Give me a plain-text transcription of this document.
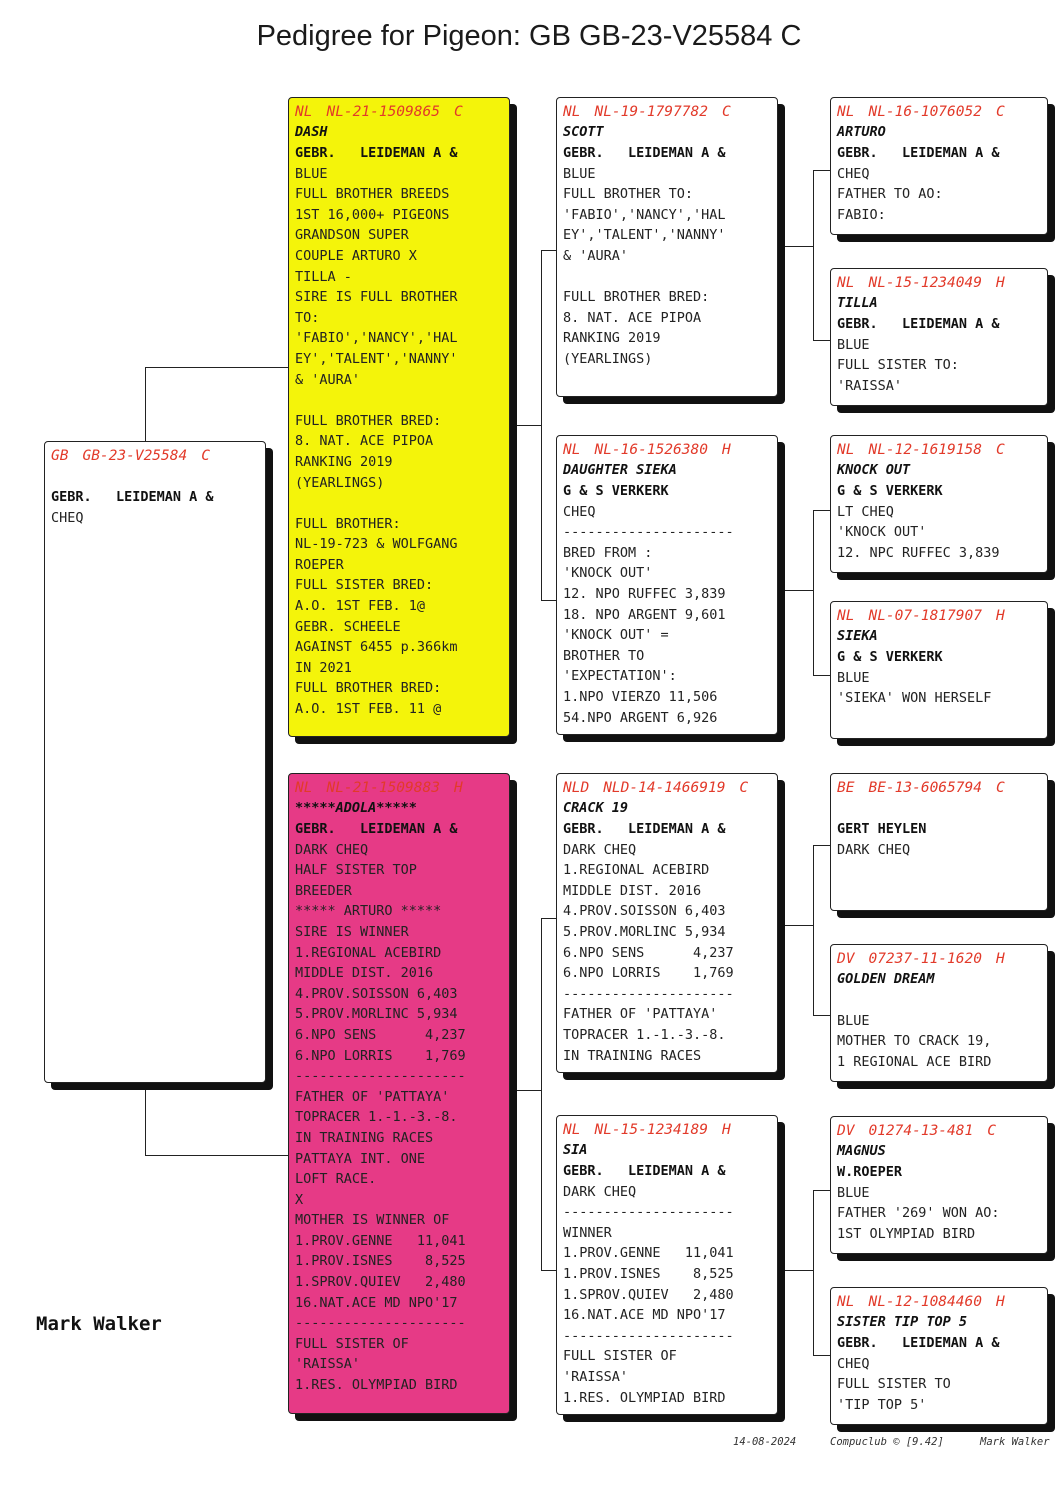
Pedigree for Pigeon: GB GB-23-V25584 C
GB GB-23-V25584 C

GEBR.   LEIDEMAN A &
CHEQ
NL NL-21-1509865 C
DASH
GEBR.   LEIDEMAN A &
BLUE
FULL BROTHER BREEDS
1ST 16,000+ PIGEONS
GRANDSON SUPER
COUPLE ARTURO X
TILLA -
SIRE IS FULL BROTHER
TO:
'FABIO','NANCY','HAL
EY','TALENT','NANNY'
& 'AURA'

FULL BROTHER BRED:
8. NAT. ACE PIPOA
RANKING 2019
(YEARLINGS)

FULL BROTHER:
NL-19-723 & WOLFGANG
ROEPER
FULL SISTER BRED:
A.O. 1ST FEB. 1@
GEBR. SCHEELE
AGAINST 6455 p.366km
IN 2021
FULL BROTHER BRED:
A.O. 1ST FEB. 11 @
NL NL-21-1509883 H
*****ADOLA*****
GEBR.   LEIDEMAN A &
DARK CHEQ
HALF SISTER TOP
BREEDER
***** ARTURO *****
SIRE IS WINNER
1.REGIONAL ACEBIRD
MIDDLE DIST. 2016
4.PROV.SOISSON 6,403
5.PROV.MORLINC 5,934
6.NPO SENS      4,237
6.NPO LORRIS    1,769
---------------------
FATHER OF 'PATTAYA'
TOPRACER 1.-1.-3.-8.
IN TRAINING RACES
PATTAYA INT. ONE
LOFT RACE.
X
MOTHER IS WINNER OF
1.PROV.GENNE   11,041
1.PROV.ISNES    8,525
1.SPROV.QUIEV   2,480
16.NAT.ACE MD NPO'17
---------------------
FULL SISTER OF
'RAISSA'
1.RES. OLYMPIAD BIRD
NL NL-19-1797782 C
SCOTT
GEBR.   LEIDEMAN A &
BLUE
FULL BROTHER TO:
'FABIO','NANCY','HAL
EY','TALENT','NANNY'
& 'AURA'

FULL BROTHER BRED:
8. NAT. ACE PIPOA
RANKING 2019
(YEARLINGS)
NL NL-16-1526380 H
DAUGHTER SIEKA
G & S VERKERK
CHEQ
---------------------
BRED FROM :
'KNOCK OUT'
12. NPO RUFFEC 3,839
18. NPO ARGENT 9,601
'KNOCK OUT' =
BROTHER TO
'EXPECTATION':
1.NPO VIERZO 11,506
54.NPO ARGENT 6,926
NLD NLD-14-1466919 C
CRACK 19
GEBR.   LEIDEMAN A &
DARK CHEQ
1.REGIONAL ACEBIRD
MIDDLE DIST. 2016
4.PROV.SOISSON 6,403
5.PROV.MORLINC 5,934
6.NPO SENS      4,237
6.NPO LORRIS    1,769
---------------------
FATHER OF 'PATTAYA'
TOPRACER 1.-1.-3.-8.
IN TRAINING RACES
NL NL-15-1234189 H
SIA
GEBR.   LEIDEMAN A &
DARK CHEQ
---------------------
WINNER
1.PROV.GENNE   11,041
1.PROV.ISNES    8,525
1.SPROV.QUIEV   2,480
16.NAT.ACE MD NPO'17
---------------------
FULL SISTER OF
'RAISSA'
1.RES. OLYMPIAD BIRD
NL NL-16-1076052 C
ARTURO
GEBR.   LEIDEMAN A &
CHEQ
FATHER TO AO:
FABIO:
NL NL-15-1234049 H
TILLA
GEBR.   LEIDEMAN A &
BLUE
FULL SISTER TO:
'RAISSA'
NL NL-12-1619158 C
KNOCK OUT
G & S VERKERK
LT CHEQ
'KNOCK OUT'
12. NPC RUFFEC 3,839
NL NL-07-1817907 H
SIEKA
G & S VERKERK
BLUE
'SIEKA' WON HERSELF
BE BE-13-6065794 C

GERT HEYLEN
DARK CHEQ
DV 07237-11-1620 H
GOLDEN DREAM

BLUE
MOTHER TO CRACK 19,
1 REGIONAL ACE BIRD
DV 01274-13-481 C
MAGNUS
W.ROEPER
BLUE
FATHER '269' WON AO:
1ST OLYMPIAD BIRD
NL NL-12-1084460 H
SISTER TIP TOP 5
GEBR.   LEIDEMAN A &
CHEQ
FULL SISTER TO
'TIP TOP 5'
Mark Walker
14-08-2024	Compuclub © [9.42]	Mark Walker
